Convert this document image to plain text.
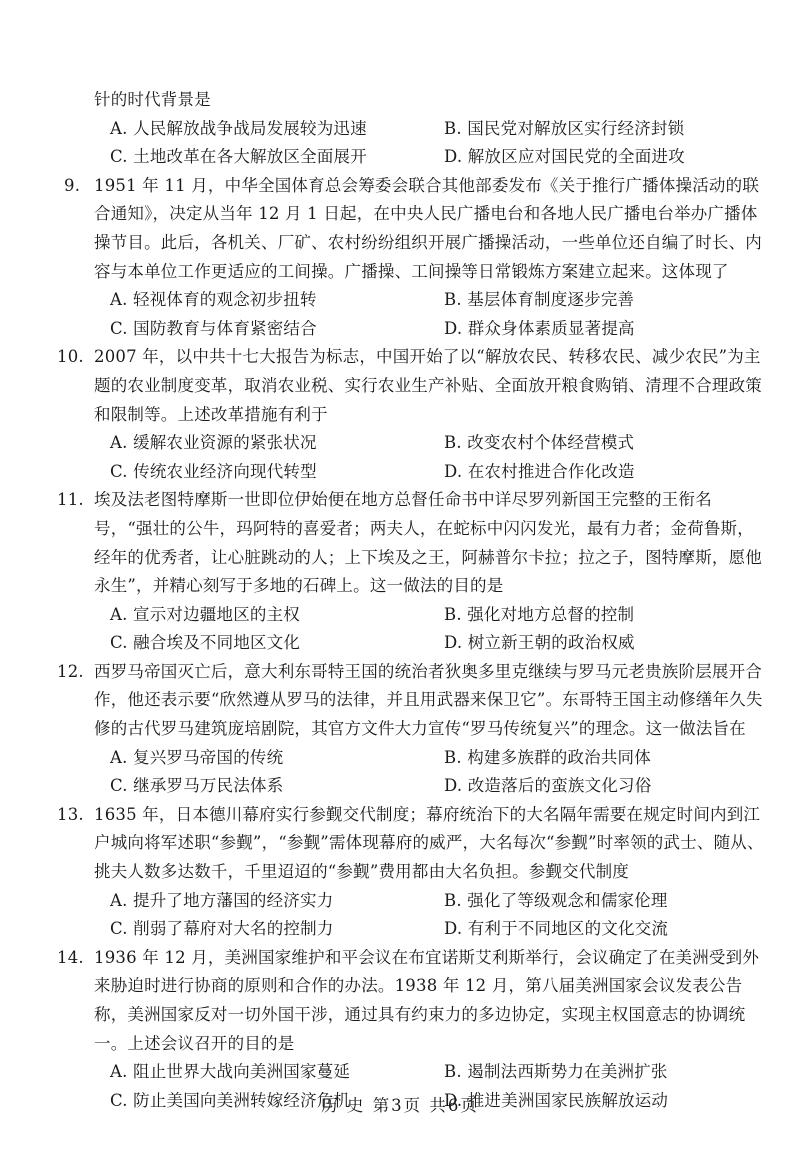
针的时代背景是

A. 人民解放战争战局发展较为迅速	B. 国民党对解放区实行经济封锁
C. 土地改革在各大解放区全面展开	D. 解放区应对国民党的全面进攻
9. 1951 年 11 月，中华全国体育总会筹委会联合其他部委发布《关于推行广播体操活动的联合通知》，决定从当年 12 月 1 日起，在中央人民广播电台和各地人民广播电台举办广播体操节目。此后，各机关、厂矿、农村纷纷组织开展广播操活动，一些单位还自编了时长、内容与本单位工作更适应的工间操。广播操、工间操等日常锻炼方案建立起来。这体现了

A. 轻视体育的观念初步扭转	B. 基层体育制度逐步完善
C. 国防教育与体育紧密结合	D. 群众身体素质显著提高
10. 2007 年，以中共十七大报告为标志，中国开始了以“解放农民、转移农民、减少农民”为主题的农业制度变革，取消农业税、实行农业生产补贴、全面放开粮食购销、清理不合理政策和限制等。上述改革措施有利于

A. 缓解农业资源的紧张状况	B. 改变农村个体经营模式
C. 传统农业经济向现代转型	D. 在农村推进合作化改造
11. 埃及法老图特摩斯一世即位伊始便在地方总督任命书中详尽罗列新国王完整的王衔名号，“强壮的公牛，玛阿特的喜爱者；两夫人，在蛇标中闪闪发光，最有力者；金荷鲁斯，经年的优秀者，让心脏跳动的人；上下埃及之王，阿赫普尔卡拉；拉之子，图特摩斯，愿他永生”，并精心刻写于多地的石碑上。这一做法的目的是

A. 宣示对边疆地区的主权	B. 强化对地方总督的控制
C. 融合埃及不同地区文化	D. 树立新王朝的政治权威
12. 西罗马帝国灭亡后，意大利东哥特王国的统治者狄奥多里克继续与罗马元老贵族阶层展开合作，他还表示要“欣然遵从罗马的法律，并且用武器来保卫它”。东哥特王国主动修缮年久失修的古代罗马建筑庞培剧院，其官方文件大力宣传“罗马传统复兴”的理念。这一做法旨在

A. 复兴罗马帝国的传统	B. 构建多族群的政治共同体
C. 继承罗马万民法体系	D. 改造落后的蛮族文化习俗
13. 1635 年，日本德川幕府实行参觐交代制度；幕府统治下的大名隔年需要在规定时间内到江户城向将军述职“参觐”，“参觐”需体现幕府的威严，大名每次“参觐”时率领的武士、随从、挑夫人数多达数千，千里迢迢的“参觐”费用都由大名负担。参觐交代制度

A. 提升了地方藩国的经济实力	B. 强化了等级观念和儒家伦理
C. 削弱了幕府对大名的控制力	D. 有利于不同地区的文化交流
14. 1936 年 12 月，美洲国家维护和平会议在布宜诺斯艾利斯举行，会议确定了在美洲受到外来胁迫时进行协商的原则和合作的办法。1938 年 12 月，第八届美洲国家会议发表公告称，美洲国家反对一切外国干涉，通过具有约束力的多边协定，实现主权国意志的协调统一。上述会议召开的目的是

A. 阻止世界大战向美洲国家蔓延	B. 遏制法西斯势力在美洲扩张
C. 防止美国向美洲转嫁经济危机	D. 推进美洲国家民族解放运动
历 史 第3页 共6页
